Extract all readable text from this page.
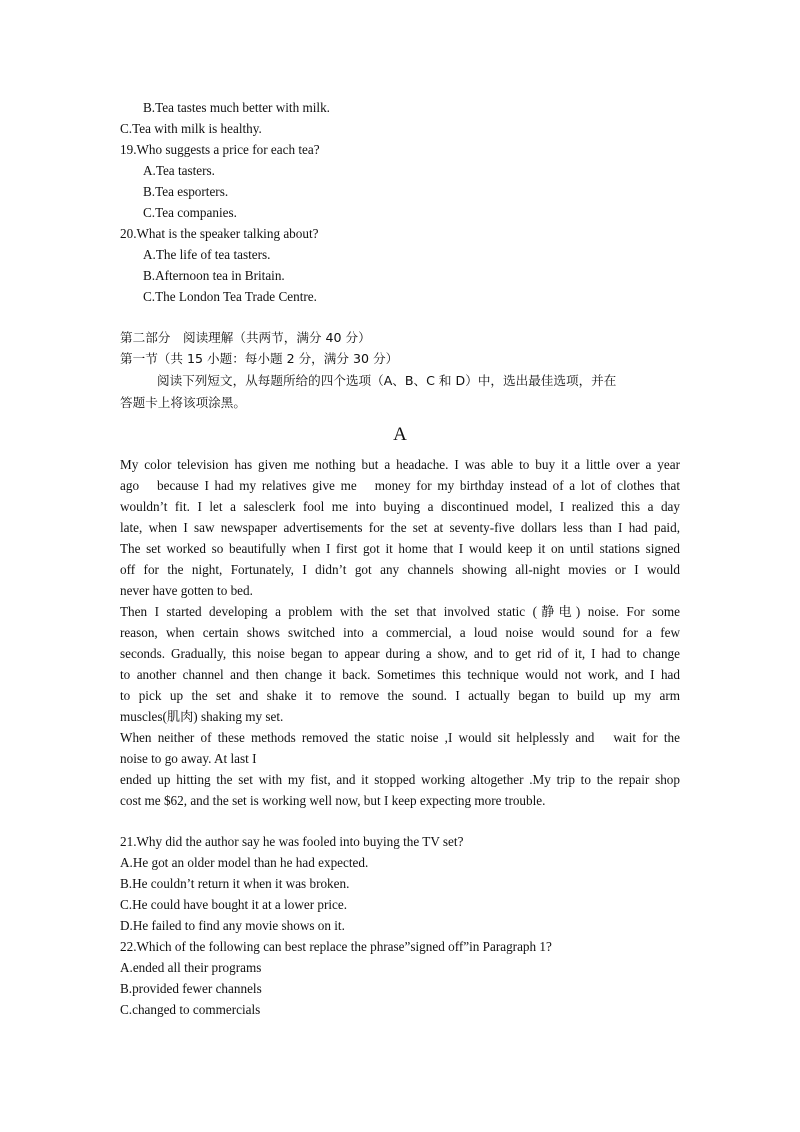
B.Tea tastes much better with milk.
C.Tea with milk is healthy.
19.Who suggests a price for each tea?
A.Tea tasters.
B.Tea esporters.
C.Tea companies.
20.What is the speaker talking about?
A.The life of tea tasters.
B.Afternoon tea in Britain.
C.The London Tea Trade Centre.
第二部分　阅读理解（共两节，满分 40 分）
第一节（共 15 小题：每小题 2 分，满分 30 分）
阅读下列短文，从每题所给的四个选项（A、B、C 和 D）中，选出最佳选项，并在
答题卡上将该项涂黑。
A
My color television has given me nothing but a headache. I was able to buy it a little over a year
ago　because I had my relatives give me　money for my birthday instead of a lot of clothes that
wouldn’t fit. I let a salesclerk fool me into buying a discontinued model, I realized this a day
late, when I saw newspaper advertisements for the set at seventy-five dollars less than I had paid,
The set worked so beautifully when I first got it home that I would keep it on until stations signed
off for the night, Fortunately, I didn’t got any channels showing all-night movies or I would
never have gotten to bed.
Then I started developing a problem with the set that involved static (静电) noise. For some
reason, when certain shows switched into a commercial, a loud noise would sound for a few
seconds. Gradually, this noise began to appear during a show, and to get rid of it, I had to change
to another channel and then change it back. Sometimes this technique would not work, and I had
to pick up the set and shake it to remove the sound. I actually began to build up my arm
muscles(肌肉) shaking my set.
When neither of these methods removed the static noise ,I would sit helplessly and　wait for the
noise to go away. At last I
ended up hitting the set with my fist, and it stopped working altogether .My trip to the repair shop
cost me $62, and the set is working well now, but I keep expecting more trouble.
21.Why did the author say he was fooled into buying the TV set?
A.He got an older model than he had expected.
B.He couldn’t return it when it was broken.
C.He could have bought it at a lower price.
D.He failed to find any movie shows on it.
22.Which of the following can best replace the phrase”signed off”in Paragraph 1?
A.ended all their programs
B.provided fewer channels
C.changed to commercials
